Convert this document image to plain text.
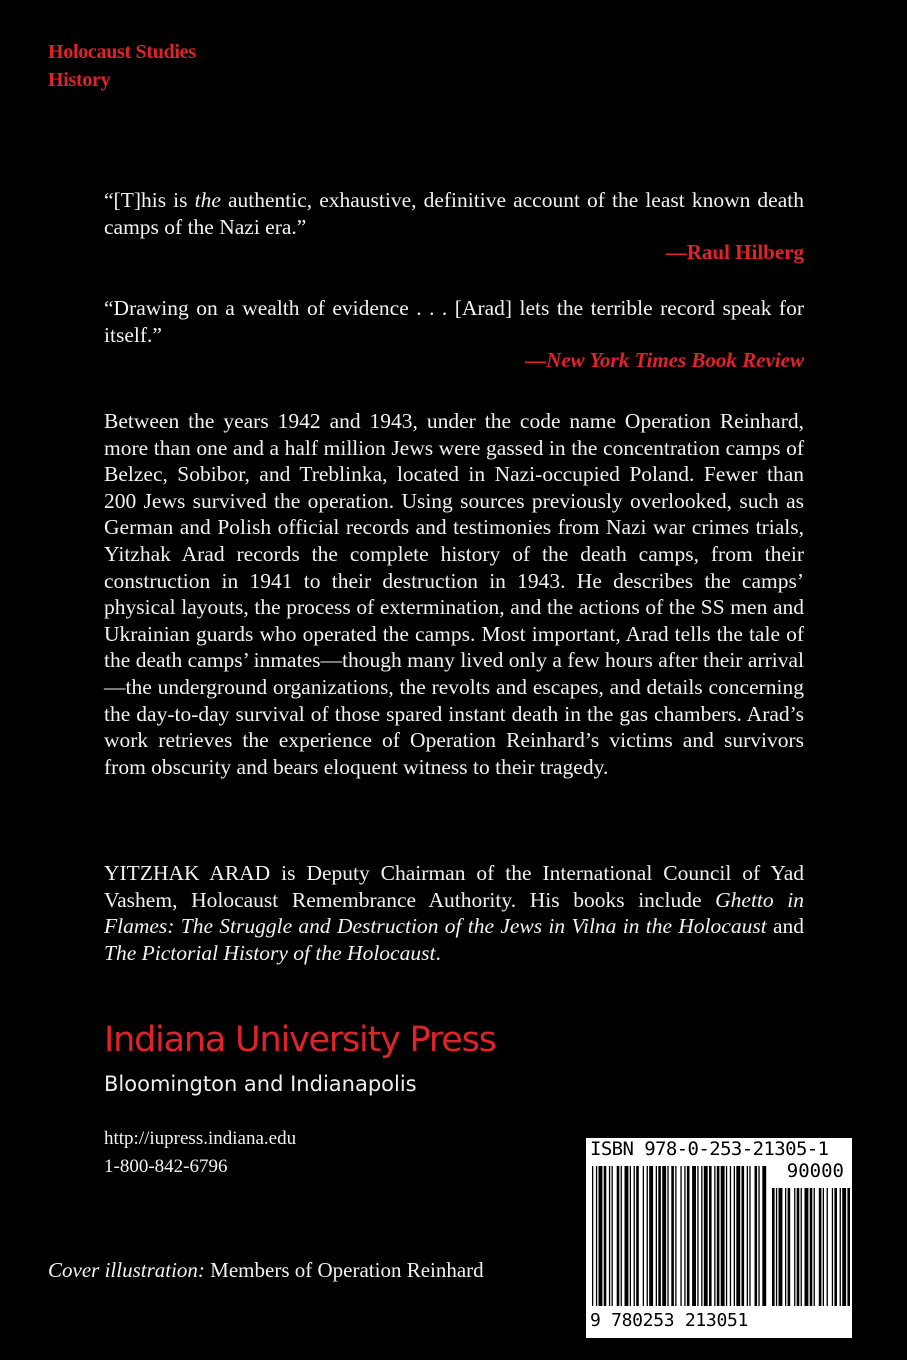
Holocaust Studies
History
“[T]his is the authentic, exhaustive, definitive account of the least known death camps of the Nazi era.”
—Raul Hilberg
“Drawing on a wealth of evidence . . . [Arad] lets the terrible record speak for itself.”
—New York Times Book Review

Between the years 1942 and 1943, under the code name Operation Reinhard, more than one and a half million Jews were gassed in the concentration camps of Belzec, Sobibor, and Treblinka, located in Nazi-occupied Poland. Fewer than 200 Jews survived the operation. Using sources previously overlooked, such as German and Polish official records and testimonies from Nazi war crimes trials, Yitzhak Arad records the complete history of the death camps, from their construction in 1941 to their destruction in 1943. He describes the camps’ physical layouts, the process of extermination, and the actions of the SS men and Ukrainian guards who operated the camps. Most important, Arad tells the tale of the death camps’ inmates—though many lived only a few hours after their arrival—the underground organizations, the revolts and escapes, and details concerning the day-to-day survival of those spared instant death in the gas chambers. Arad’s work retrieves the experience of Operation Reinhard’s victims and survivors from obscurity and bears eloquent witness to their tragedy.

YITZHAK ARAD is Deputy Chairman of the International Council of Yad Vashem, Holocaust Remembrance Authority. His books include Ghetto in Flames: The Struggle and Destruction of the Jews in Vilna in the Holocaust and The Pictorial History of the Holocaust.
Indiana University Press
Bloomington and Indianapolis
http://iupress.indiana.edu
1-800-842-6796
Cover illustration: Members of Operation Reinhard
ISBN 978-0-253-21305-1
90000
9 780253 213051
